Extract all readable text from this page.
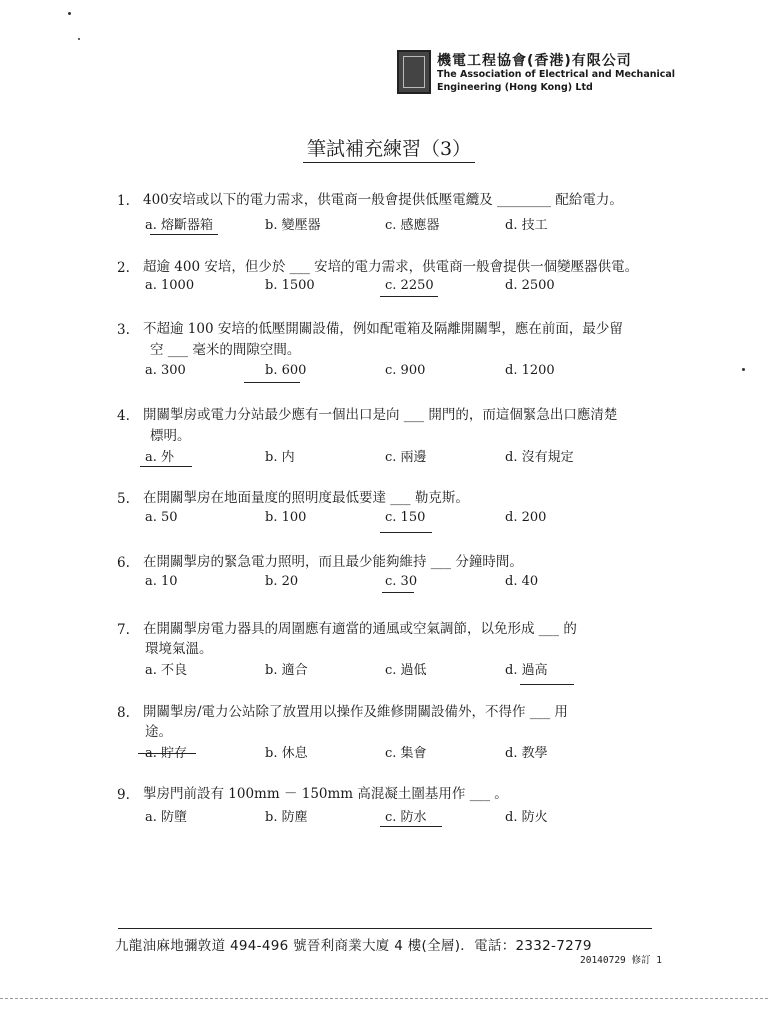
機電工程協會(香港)有限公司
The Association of Electrical and Mechanical
Engineering (Hong Kong) Ltd
筆試補充練習（3）
1. 400安培或以下的電力需求，供電商一般會提供低壓電纜及 ________ 配給電力。
a. 熔斷器箱	b. 變壓器	c. 感應器	d. 技工
2. 超逾 400 安培，但少於 ___ 安培的電力需求，供電商一般會提供一個變壓器供電。
a. 1000	b. 1500	c. 2250	d. 2500
3. 不超逾 100 安培的低壓開關設備，例如配電箱及隔離開關掣，應在前面，最少留
空 ___ 毫米的間隙空間。
a. 300	b. 600	c. 900	d. 1200
4. 開關掣房或電力分站最少應有一個出口是向 ___ 開門的，而這個緊急出口應清楚
標明。
a. 外	b. 内	c. 兩邊	d. 沒有規定
5. 在開關掣房在地面量度的照明度最低要達 ___ 勒克斯。
a. 50	b. 100	c. 150	d. 200
6. 在開關掣房的緊急電力照明，而且最少能夠維持 ___ 分鐘時間。
a. 10	b. 20	c. 30	d. 40
7. 在開關掣房電力器具的周圍應有適當的通風或空氣調節，以免形成 ___ 的
環境氣溫。
a. 不良	b. 適合	c. 過低	d. 過高
8. 開關掣房/電力公站除了放置用以操作及維修開關設備外，不得作 ___ 用
途。
a. 貯存	b. 休息	c. 集會	d. 教學
9. 掣房門前設有 100mm － 150mm 高混凝土圍基用作 ___ 。
a. 防墮	b. 防塵	c. 防水	d. 防火
九龍油麻地彌敦道 494-496 號晉利商業大廈 4 樓(全層)．電話：2332-7279
20140729 修訂 1
